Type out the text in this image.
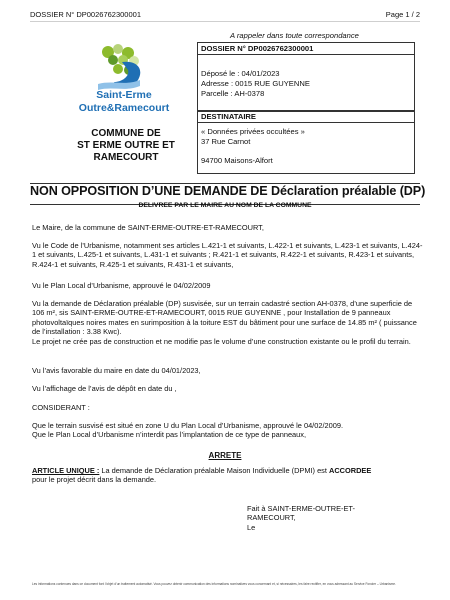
DOSSIER N° DP0026762300001	Page 1 / 2
Saint-Erme
Outre&Ramecourt
COMMUNE DE
ST ERME OUTRE ET
RAMECOURT
A rappeler dans toute correspondance
DOSSIER N° DP0026762300001
Déposé le : 04/01/2023
Adresse : 0015 RUE GUYENNE
Parcelle : AH-0378
DESTINATAIRE
« Données privées occultées »
37 Rue Carnot
94700 Maisons-Alfort
NON OPPOSITION D’UNE DEMANDE DE Déclaration préalable (DP)
DELIVREE PAR LE MAIRE AU NOM DE LA COMMUNE
Le Maire, de la commune de SAINT-ERME-OUTRE-ET-RAMECOURT,
Vu le Code de l’Urbanisme, notamment ses articles L.421-1 et suivants, L.422-1 et suivants, L.423-1 et suivants, L.424-1 et suivants, L.425-1 et suivants, L.431-1 et suivants ; R.421-1 et suivants, R.422-1 et suivants, R.423-1 et suivants, R.424-1 et suivants, R.425-1 et suivants, R.431-1 et suivants,
Vu le Plan Local d’Urbanisme, approuvé le 04/02/2009
Vu la demande de Déclaration préalable (DP) susvisée, sur un terrain cadastré section AH-0378, d’une superficie de 106 m², sis SAINT-ERME-OUTRE-ET-RAMECOURT, 0015 RUE GUYENNE , pour Installation de 9 panneaux photovoltaïques noires mates en surimposition à la toiture EST du bâtiment pour une surface de 14.85 m² ( puissance de l’installation : 3.38 Kwc).
Le projet ne crée pas de construction et ne modifie pas le volume d’une construction existante ou le profil du terrain.
Vu l’avis favorable du maire en date du 04/01/2023,
Vu l’affichage de l’avis de dépôt en date du ,
CONSIDERANT :
Que le terrain susvisé est situé en zone U du Plan Local d’Urbanisme, approuvé le 04/02/2009.
Que le Plan Local d’Urbanisme n’interdit pas l’implantation de ce type de panneaux,
ARRETE
ARTICLE UNIQUE : La demande de Déclaration préalable Maison Individuelle (DPMI) est ACCORDEE
pour le projet décrit dans la demande.
Fait à SAINT-ERME-OUTRE-ET-
RAMECOURT,
Le
Les informations contenues dans ce document font l’objet d’un traitement automatisé. Vous pouvez obtenir communication des informations nominatives vous concernant et, si nécessaires, les faire rectifier, en vous adressant au Service Foncier – Urbanisme.
